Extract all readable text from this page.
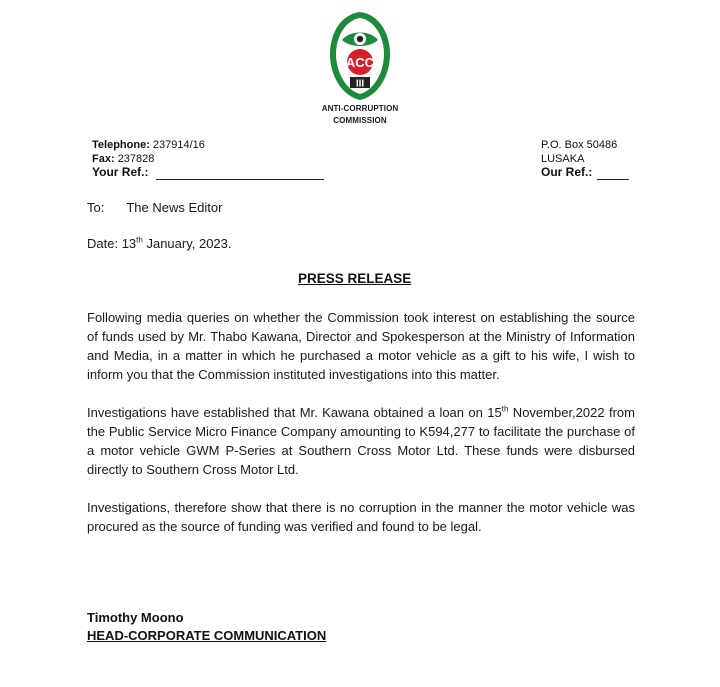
ACC
III
ANTI-CORRUPTION
COMMISSION
Telephone: 237914/16
Fax: 237828
Your Ref.:
P.O. Box 50486
LUSAKA
Our Ref.:
To: The News Editor
Date: 13th January, 2023.
PRESS RELEASE
Following media queries on whether the Commission took interest on establishing the source of funds used by Mr. Thabo Kawana, Director and Spokesperson at the Ministry of Information and Media, in a matter in which he purchased a motor vehicle as a gift to his wife, I wish to inform you that the Commission instituted investigations into this matter.
Investigations have established that Mr. Kawana obtained a loan on 15th November,2022 from the Public Service Micro Finance Company amounting to K594,277 to facilitate the purchase of a motor vehicle GWM P-Series at Southern Cross Motor Ltd. These funds were disbursed directly to Southern Cross Motor Ltd.
Investigations, therefore show that there is no corruption in the manner the motor vehicle was procured as the source of funding was verified and found to be legal.
Timothy Moono
HEAD-CORPORATE COMMUNICATION
